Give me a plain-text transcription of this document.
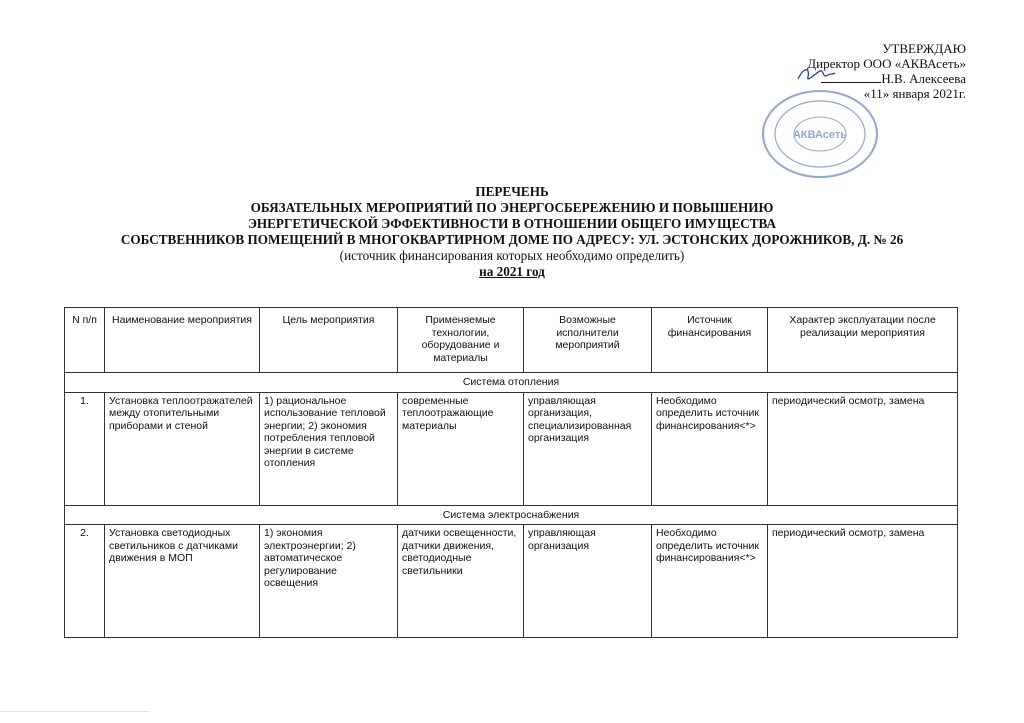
УТВЕРЖДАЮ
Директор ООО «АКВАсеть»
Н.В. Алексеева
«11» января 2021г.
АКВАсеть
ПЕРЕЧЕНЬ
ОБЯЗАТЕЛЬНЫХ МЕРОПРИЯТИЙ ПО ЭНЕРГОСБЕРЕЖЕНИЮ И ПОВЫШЕНИЮ
ЭНЕРГЕТИЧЕСКОЙ ЭФФЕКТИВНОСТИ В ОТНОШЕНИИ ОБЩЕГО ИМУЩЕСТВА
СОБСТВЕННИКОВ ПОМЕЩЕНИЙ В МНОГОКВАРТИРНОМ ДОМЕ ПО АДРЕСУ: УЛ. ЭСТОНСКИХ ДОРОЖНИКОВ, Д. № 26
(источник финансирования которых необходимо определить)
на 2021 год
N п/п	Наименование мероприятия	Цель мероприятия	Применяемые технологии, оборудование и материалы	Возможные исполнители мероприятий	Источник финансирования	Характер эксплуатации после реализации мероприятия
Система отопления						
1.	Установка теплоотражателей между отопительными приборами и стеной	1) рациональное использование тепловой энергии; 2) экономия потребления тепловой энергии в системе отопления	современные теплоотражающие материалы	управляющая организация, специализированная организация	Необходимо определить источник финансирования<*>	периодический осмотр, замена
Система электроснабжения						
2.	Установка светодиодных светильников с датчиками движения в МОП	1) экономия электроэнергии; 2) автоматическое регулирование освещения	датчики освещенности, датчики движения, светодиодные светильники	управляющая организация	Необходимо определить источник финансирования<*>	периодический осмотр, замена
